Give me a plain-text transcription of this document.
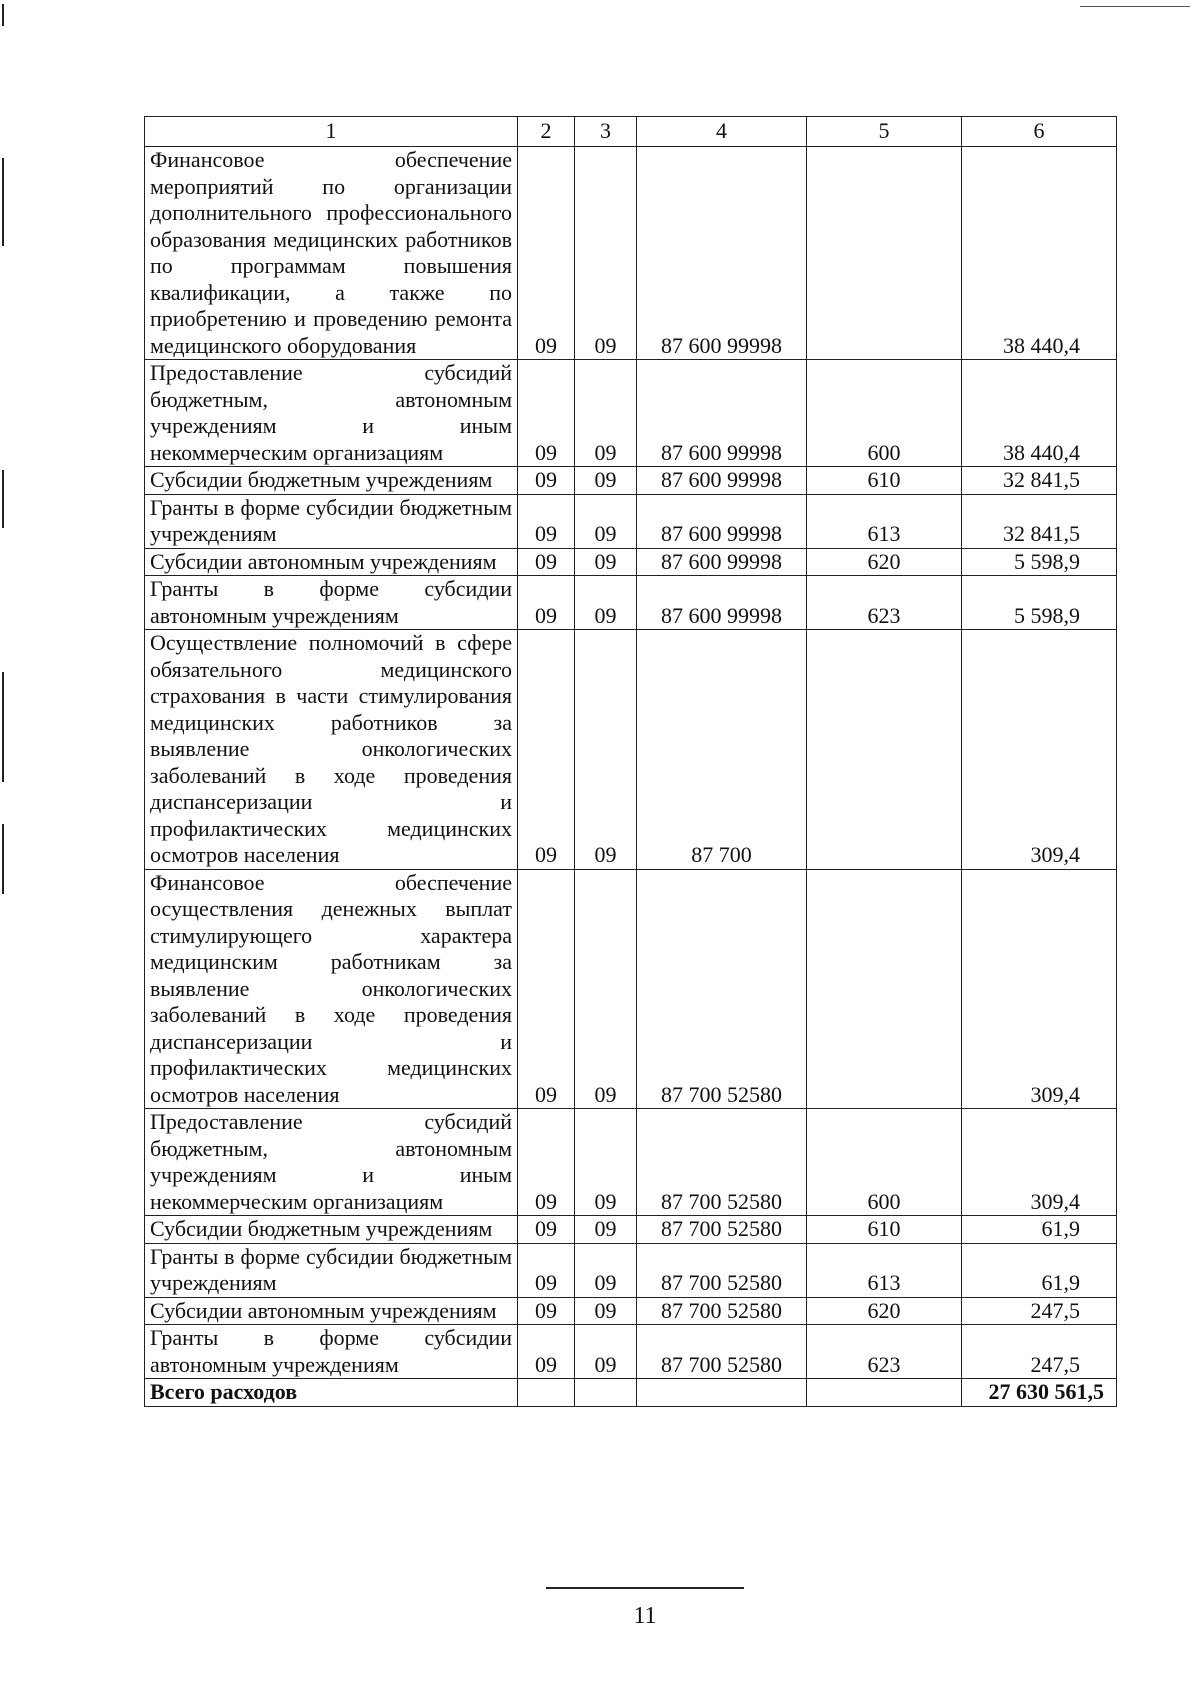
1	2	3	4	5	6
Финансовое обеспечение мероприятий по организации дополнительного профессионального образования медицинских работников по программам повышения квалификации, а также по приобретению и проведению ремонта медицинского оборудования	09	09	87 600 99998		38 440,4
Предоставление субсидий бюджетным, автономным учреждениям и иным некоммерческим организациям	09	09	87 600 99998	600	38 440,4
Субсидии бюджетным учреждениям	09	09	87 600 99998	610	32 841,5
Гранты в форме субсидии бюджетным учреждениям	09	09	87 600 99998	613	32 841,5
Субсидии автономным учреждениям	09	09	87 600 99998	620	5 598,9
Гранты в форме субсидии автономным учреждениям	09	09	87 600 99998	623	5 598,9
Осуществление полномочий в сфере обязательного медицинского страхования в части стимулирования медицинских работников за выявление онкологических заболеваний в ходе проведения диспансеризации и профилактических медицинских осмотров населения	09	09	87 700		309,4
Финансовое обеспечение осуществления денежных выплат стимулирующего характера медицинским работникам за выявление онкологических заболеваний в ходе проведения диспансеризации и профилактических медицинских осмотров населения	09	09	87 700 52580		309,4
Предоставление субсидий бюджетным, автономным учреждениям и иным некоммерческим организациям	09	09	87 700 52580	600	309,4
Субсидии бюджетным учреждениям	09	09	87 700 52580	610	61,9
Гранты в форме субсидии бюджетным учреждениям	09	09	87 700 52580	613	61,9
Субсидии автономным учреждениям	09	09	87 700 52580	620	247,5
Гранты в форме субсидии автономным учреждениям	09	09	87 700 52580	623	247,5
Всего расходов					27 630 561,5
11
